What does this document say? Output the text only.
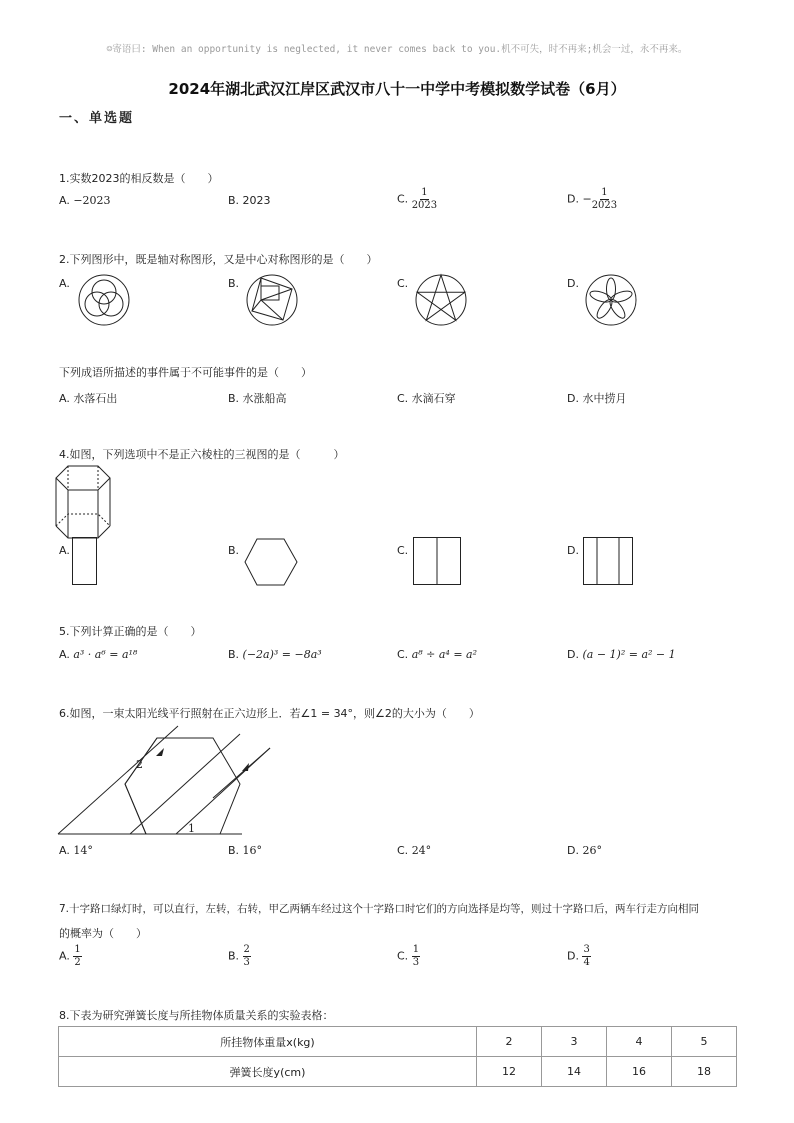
☺寄语曰: When an opportunity is neglected, it never comes back to you.机不可失，时不再来;机会一过，永不再来。
2024年湖北武汉江岸区武汉市八十一中学中考模拟数学试卷（6月）
一、单选题
1.实数2023的相反数是（　　）
A. −2023	B. 2023	C. $\frac{1}{2023}$	D. − $\frac{1}{2023}$
2.下列图形中，既是轴对称图形，又是中心对称图形的是（　　）
A.	B.	C.	D.
下列成语所描述的事件属于不可能事件的是（　　）
A. 水落石出	B. 水涨船高	C. 水滴石穿	D. 水中捞月
4.如图，下列选项中不是正六棱柱的三视图的是（　　　）
A.	B.	C.	D.
5.下列计算正确的是（　　）
A. a³ · a⁶ = a¹⁸	B. (−2a)³ = −8a³	C. a⁸ ÷ a⁴ = a²	D. (a − 1)² = a² − 1
6.如图，一束太阳光线平行照射在正六边形上．若∠1 = 34°，则∠2的大小为（　　）
2
1
A. 14°	B. 16°	C. 24°	D. 26°
7.十字路口绿灯时，可以直行，左转，右转，甲乙两辆车经过这个十字路口时它们的方向选择是均等，则过十字路口后，两车行走方向相同
的概率为（　　）
A. $\frac{1}{2}$	B. $\frac{2}{3}$	C. $\frac{1}{3}$	D. $\frac{3}{4}$
8.下表为研究弹簧长度与所挂物体质量关系的实验表格：
所挂物体重量x(kg)	2	3	4	5
弹簧长度y(cm)	12	14	16	18
